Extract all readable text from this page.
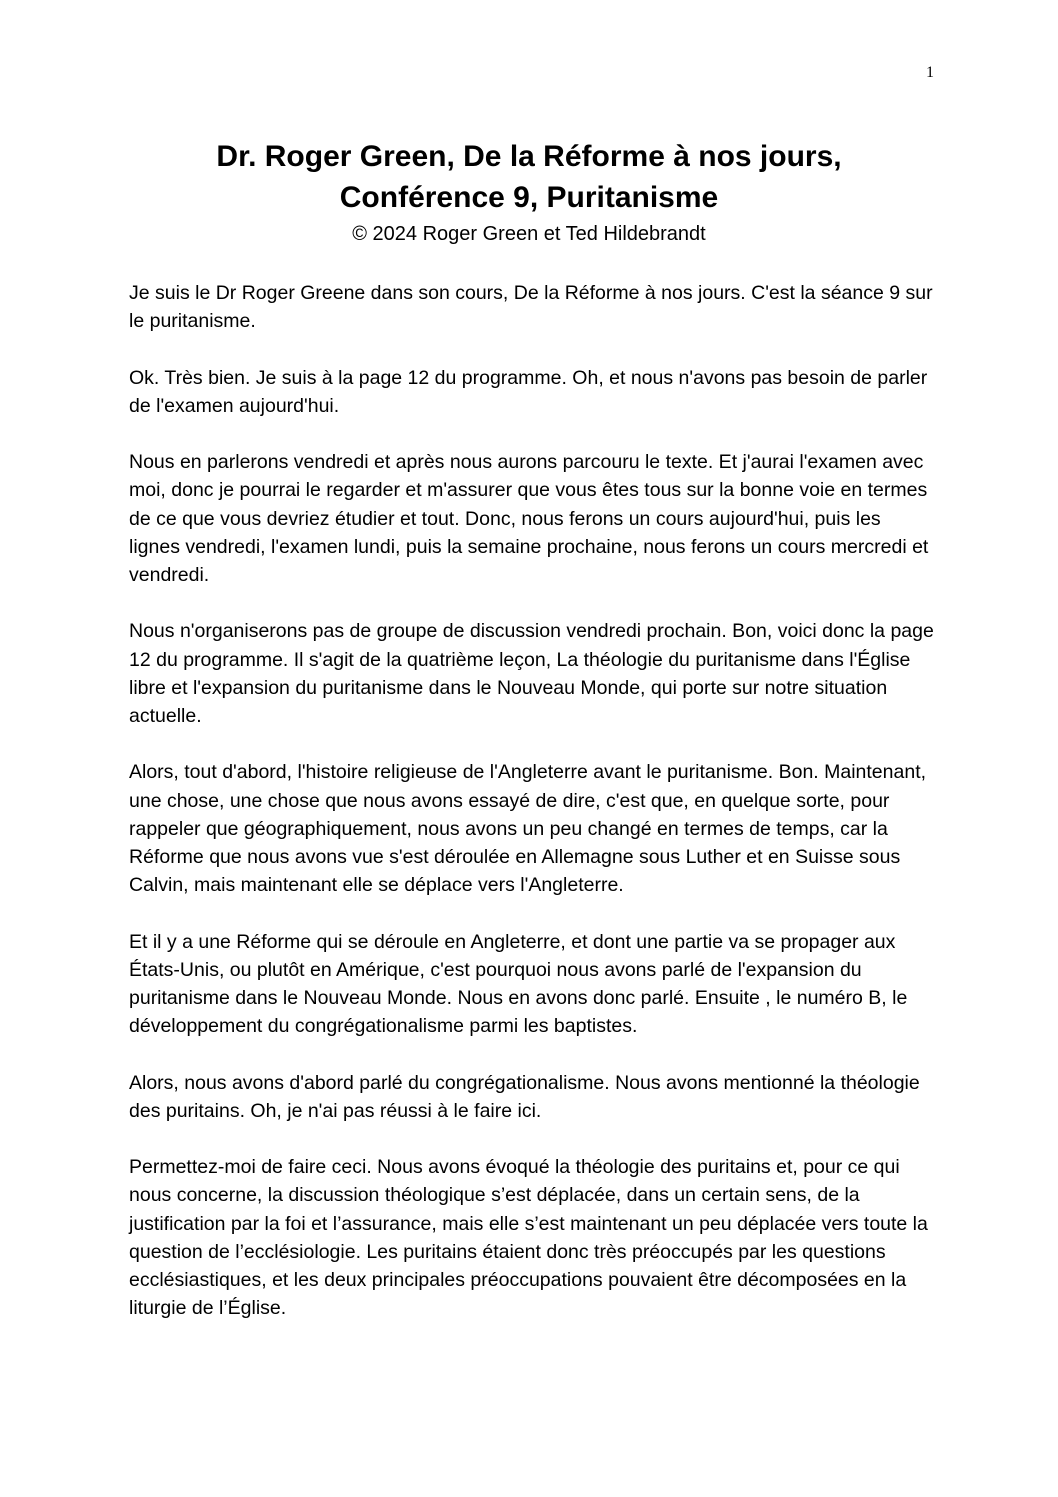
1
Dr. Roger Green, De la Réforme à nos jours,
Conférence 9, Puritanisme
© 2024 Roger Green et Ted Hildebrandt

Je suis le Dr Roger Greene dans son cours, De la Réforme à nos jours. C'est la séance 9 sur le puritanisme.

Ok. Très bien. Je suis à la page 12 du programme. Oh, et nous n'avons pas besoin de parler de l'examen aujourd'hui.

Nous en parlerons vendredi et après nous aurons parcouru le texte. Et j'aurai l'examen avec moi, donc je pourrai le regarder et m'assurer que vous êtes tous sur la bonne voie en termes de ce que vous devriez étudier et tout. Donc, nous ferons un cours aujourd'hui, puis les lignes vendredi, l'examen lundi, puis la semaine prochaine, nous ferons un cours mercredi et vendredi.

Nous n'organiserons pas de groupe de discussion vendredi prochain. Bon, voici donc la page 12 du programme. Il s'agit de la quatrième leçon, La théologie du puritanisme dans l'Église libre et l'expansion du puritanisme dans le Nouveau Monde, qui porte sur notre situation actuelle.

Alors, tout d'abord, l'histoire religieuse de l'Angleterre avant le puritanisme. Bon. Maintenant, une chose, une chose que nous avons essayé de dire, c'est que, en quelque sorte, pour rappeler que géographiquement, nous avons un peu changé en termes de temps, car la Réforme que nous avons vue s'est déroulée en Allemagne sous Luther et en Suisse sous Calvin, mais maintenant elle se déplace vers l'Angleterre.

Et il y a une Réforme qui se déroule en Angleterre, et dont une partie va se propager aux États-Unis, ou plutôt en Amérique, c'est pourquoi nous avons parlé de l'expansion du puritanisme dans le Nouveau Monde. Nous en avons donc parlé. Ensuite , le numéro B, le développement du congrégationalisme parmi les baptistes.

Alors, nous avons d'abord parlé du congrégationalisme. Nous avons mentionné la théologie des puritains. Oh, je n'ai pas réussi à le faire ici.

Permettez-moi de faire ceci. Nous avons évoqué la théologie des puritains et, pour ce qui nous concerne, la discussion théologique s’est déplacée, dans un certain sens, de la justification par la foi et l’assurance, mais elle s’est maintenant un peu déplacée vers toute la question de l’ecclésiologie. Les puritains étaient donc très préoccupés par les questions ecclésiastiques, et les deux principales préoccupations pouvaient être décomposées en la liturgie de l’Église.
